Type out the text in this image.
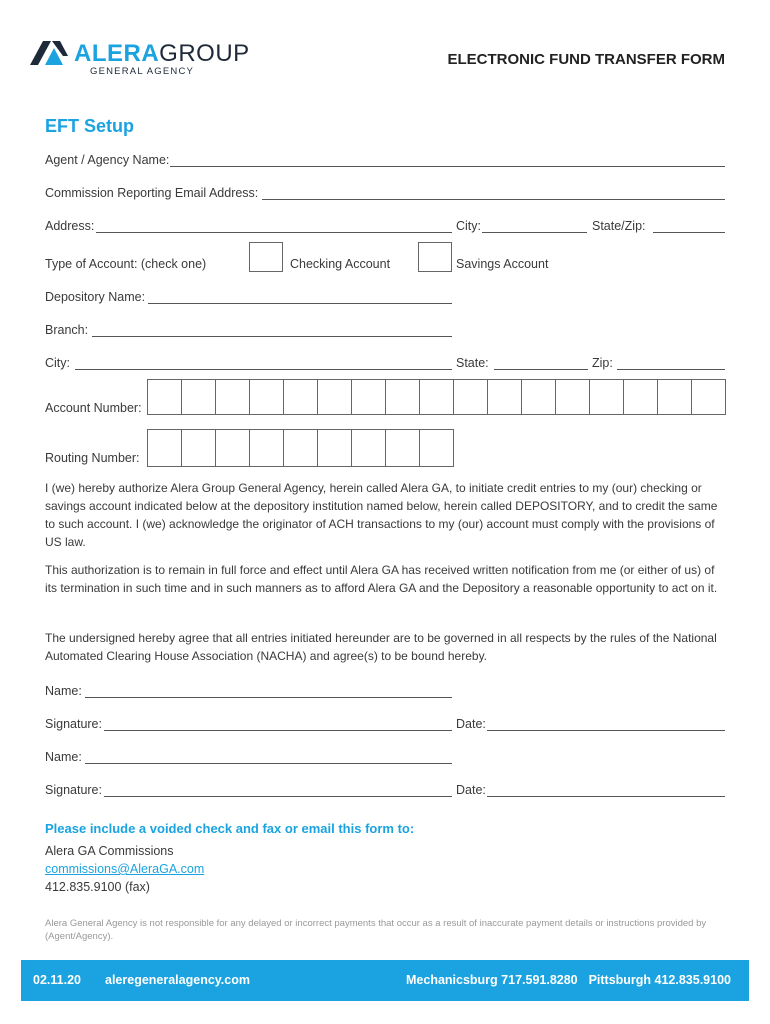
ALERAGROUP
GENERAL AGENCY
ELECTRONIC FUND TRANSFER FORM
EFT Setup
Agent / Agency Name:
Commission Reporting Email Address:
Address:	City:	State/Zip:
Type of Account: (check one)	Checking Account	Savings Account
Depository Name:
Branch:
City:	State:	Zip:
Account Number:
Routing Number:

I (we) hereby authorize Alera Group General Agency, herein called Alera GA, to initiate credit entries to my (our) checking or savings account indicated below at the depository institution named below, herein called DEPOSITORY, and to credit the same to such account. I (we) acknowledge the originator of ACH transactions to my (our) account must comply with the provisions of US law.

This authorization is to remain in full force and effect until Alera GA has received written notification from me (or either of us) of its termination in such time and in such manners as to afford Alera GA and the Depository a reasonable opportunity to act on it.

The undersigned hereby agree that all entries initiated hereunder are to be governed in all respects by the rules of the National Automated Clearing House Association (NACHA) and agree(s) to be bound hereby.

Name:
Signature:	Date:
Name:
Signature:	Date:
Please include a voided check and fax or email this form to:
Alera GA Commissions
commissions@AleraGA.com
412.835.9100 (fax)

Alera General Agency is not responsible for any delayed or incorrect payments that occur as a result of inaccurate payment details or instructions provided by (Agent/Agency).

02.11.20 aleregeneralagency.com	Mechanicsburg 717.591.8280 Pittsburgh 412.835.9100
